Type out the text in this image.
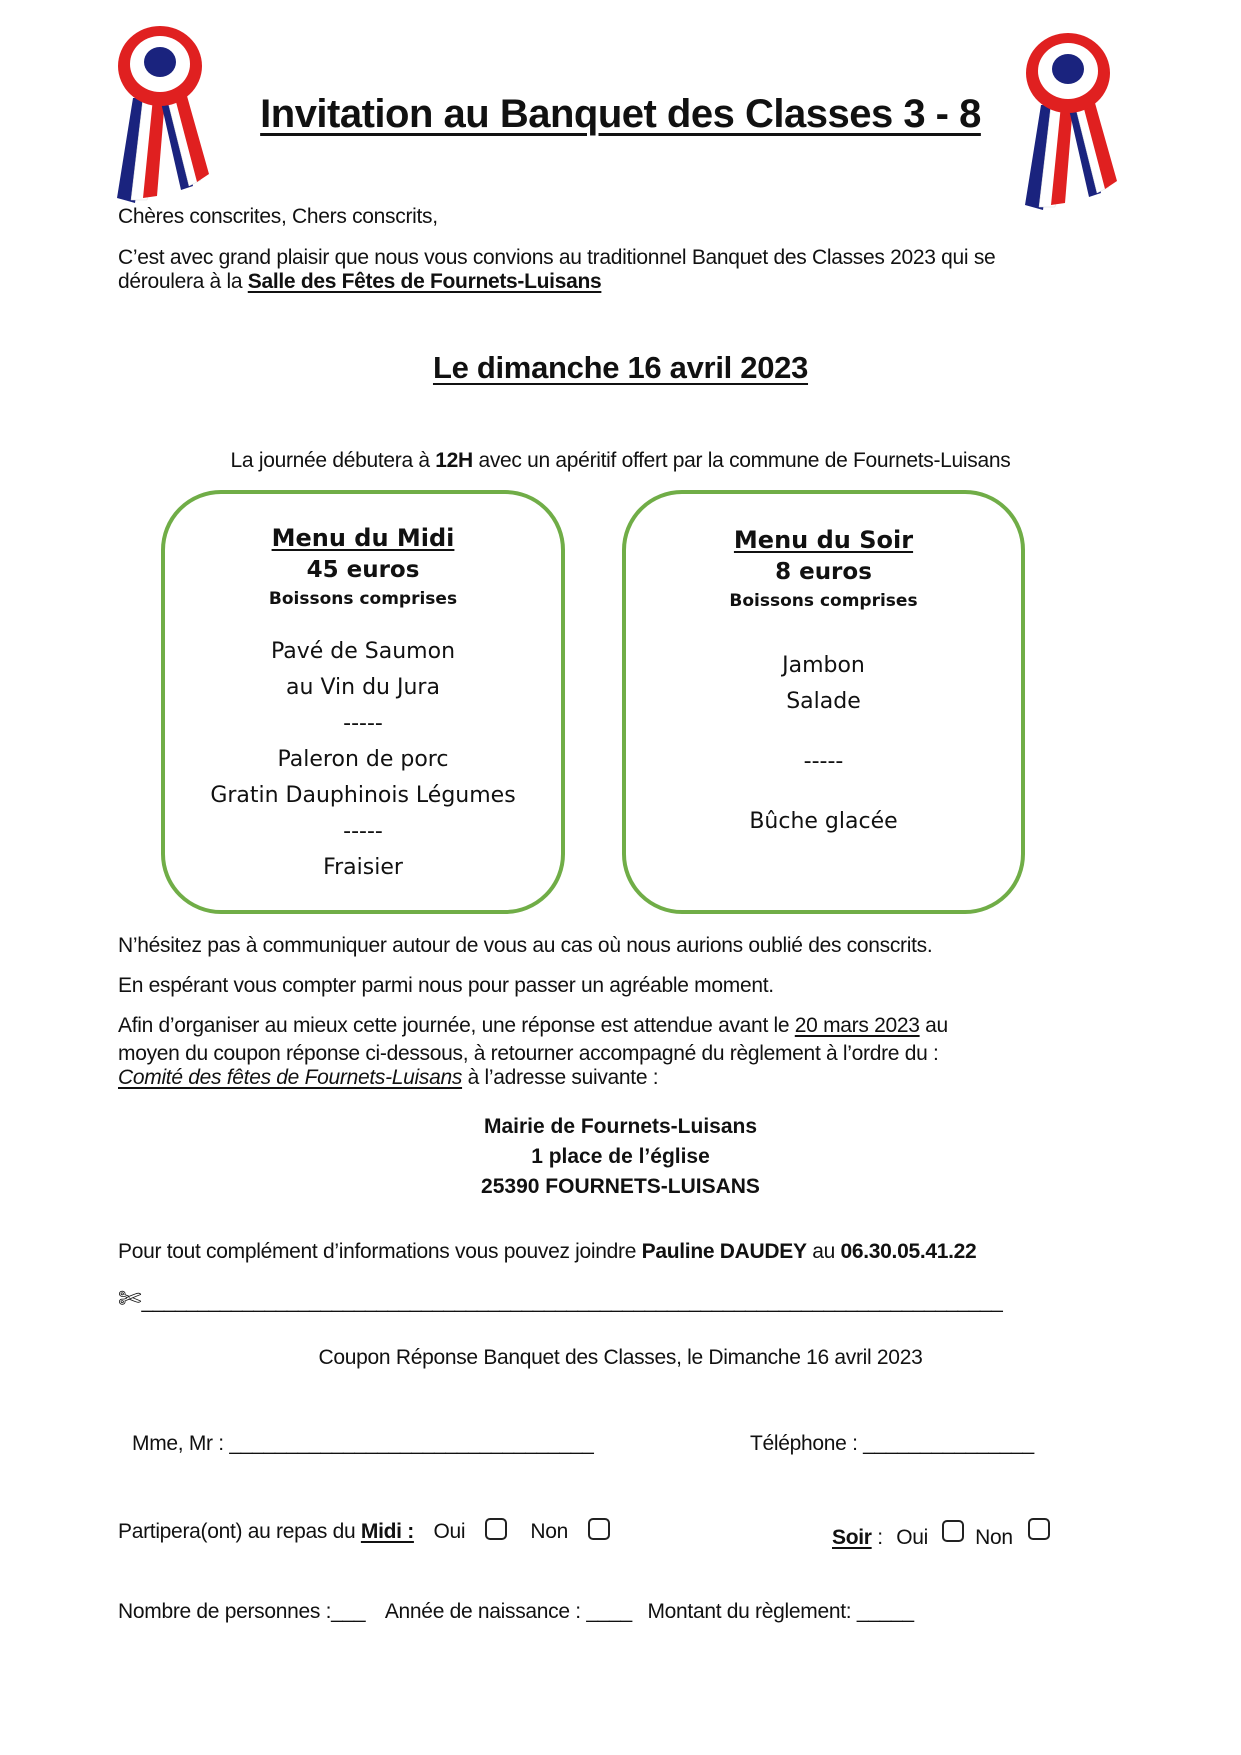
Invitation au Banquet des Classes 3 - 8
Chères conscrites, Chers conscrits,
C’est avec grand plaisir que nous vous convions au traditionnel Banquet des Classes 2023 qui se
déroulera à la Salle des Fêtes de Fournets-Luisans
Le dimanche 16 avril 2023
La journée débutera à 12H avec un apéritif offert par la commune de Fournets-Luisans
Menu du Midi
45 euros
Boissons comprises
Pavé de Saumon
au Vin du Jura
-----
Paleron de porc
Gratin Dauphinois Légumes
-----
Fraisier
Menu du Soir
8 euros
Boissons comprises
Jambon
Salade
-----
Bûche glacée
N’hésitez pas à communiquer autour de vous au cas où nous aurions oublié des conscrits.
En espérant vous compter parmi nous pour passer un agréable moment.
Afin d’organiser au mieux cette journée, une réponse est attendue avant le 20 mars 2023 au
moyen du coupon réponse ci-dessous, à retourner accompagné du règlement à l’ordre du :
Comité des fêtes de Fournets-Luisans à l’adresse suivante :
Mairie de Fournets-Luisans
1 place de l’église
25390 FOURNETS-LUISANS
Pour tout complément d’informations vous pouvez joindre Pauline DAUDEY au 06.30.05.41.22
✄_____________________________________________________________________________
Coupon Réponse Banquet des Classes, le Dimanche 16 avril 2023
Mme, Mr : ________________________________	Téléphone : _______________
Partipera(ont) au repas du Midi : Oui	Non	Soir : Oui Non
Nombre de personnes :___ Année de naissance : ____ Montant du règlement: _____
